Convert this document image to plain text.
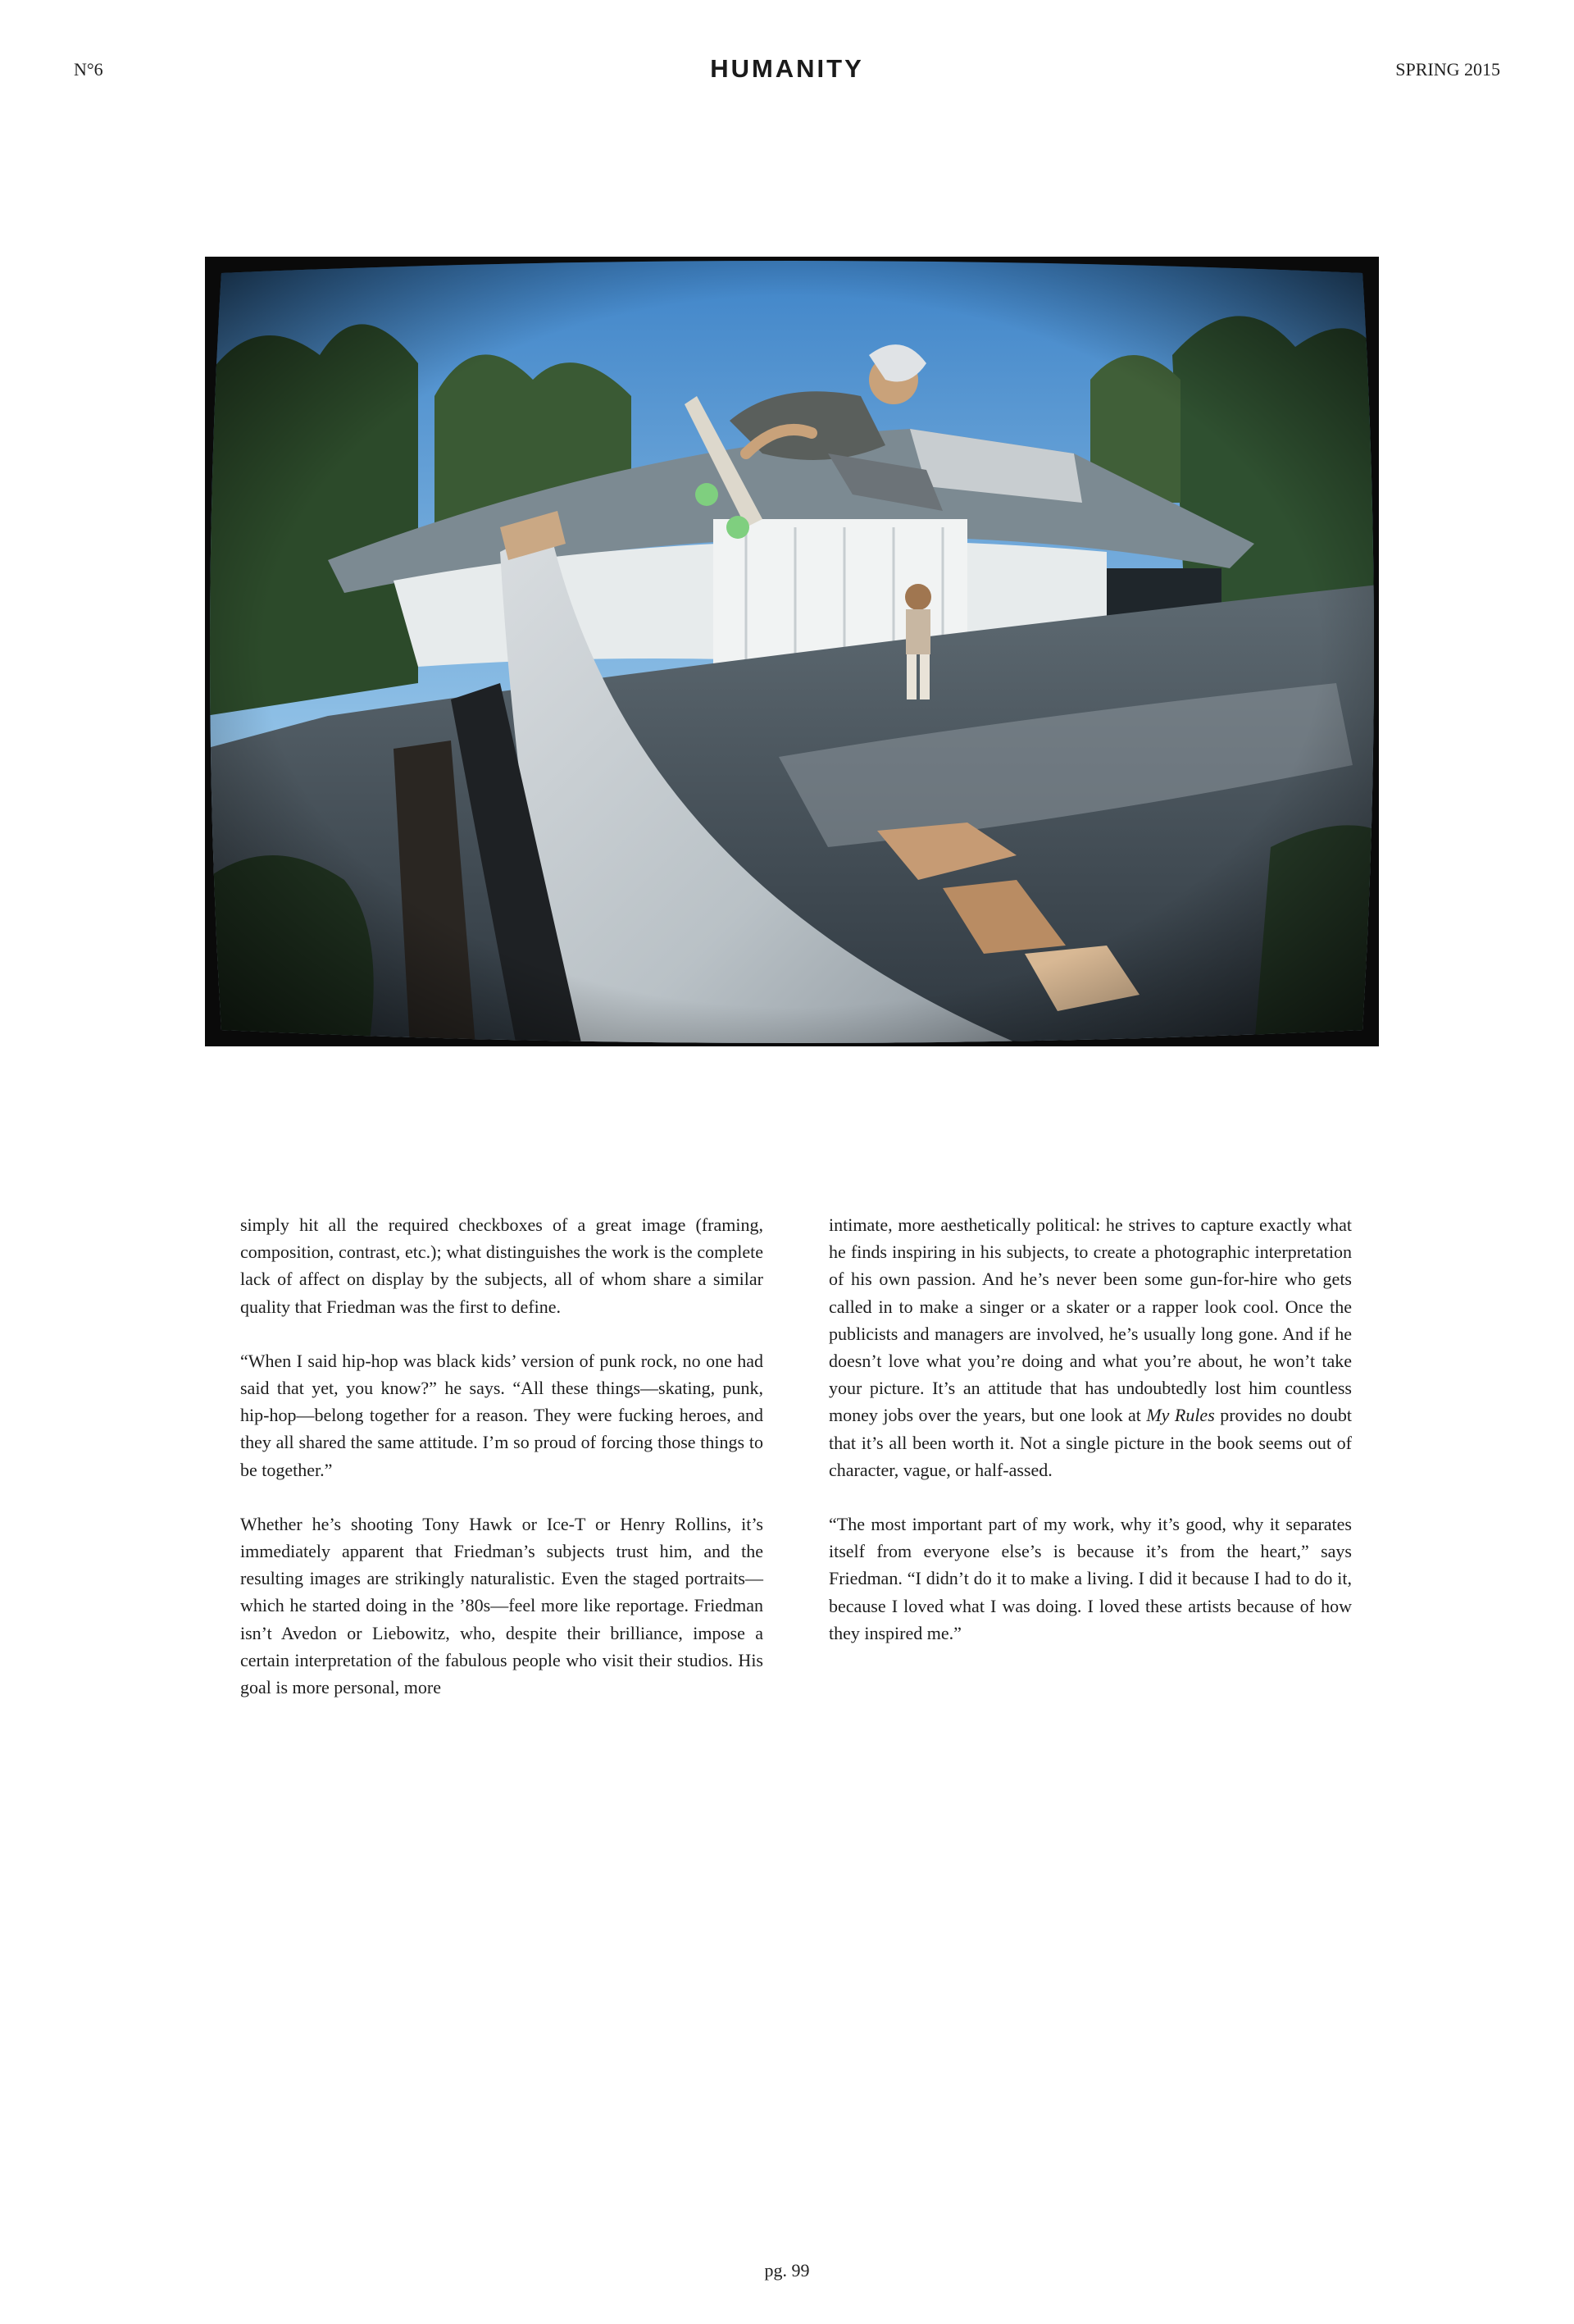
N°6	HUMANITY	SPRING 2015

simply hit all the required checkboxes of a great image (framing, composition, contrast, etc.); what distinguishes the work is the complete lack of affect on display by the subjects, all of whom share a similar quality that Friedman was the first to define.

“When I said hip-hop was black kids’ version of punk rock, no one had said that yet, you know?” he says. “All these things—skating, punk, hip-hop—belong together for a reason. They were fucking heroes, and they all shared the same attitude. I’m so proud of forcing those things to be together.”

Whether he’s shooting Tony Hawk or Ice-T or Henry Rollins, it’s immediately apparent that Friedman’s subjects trust him, and the resulting images are strikingly naturalistic. Even the staged portraits—which he started doing in the ’80s—feel more like reportage. Friedman isn’t Avedon or Liebowitz, who, despite their brilliance, impose a certain interpretation of the fabulous people who visit their studios. His goal is more personal, more

intimate, more aesthetically political: he strives to capture exactly what he finds inspiring in his subjects, to create a photographic interpretation of his own passion. And he’s never been some gun-for-hire who gets called in to make a singer or a skater or a rapper look cool. Once the publicists and managers are involved, he’s usually long gone. And if he doesn’t love what you’re doing and what you’re about, he won’t take your picture. It’s an attitude that has undoubtedly lost him countless money jobs over the years, but one look at My Rules provides no doubt that it’s all been worth it. Not a single picture in the book seems out of character, vague, or half-assed.

“The most important part of my work, why it’s good, why it separates itself from everyone else’s is because it’s from the heart,” says Friedman. “I didn’t do it to make a living. I did it because I had to do it, because I loved what I was doing. I loved these artists because of how they inspired me.”

pg. 99
